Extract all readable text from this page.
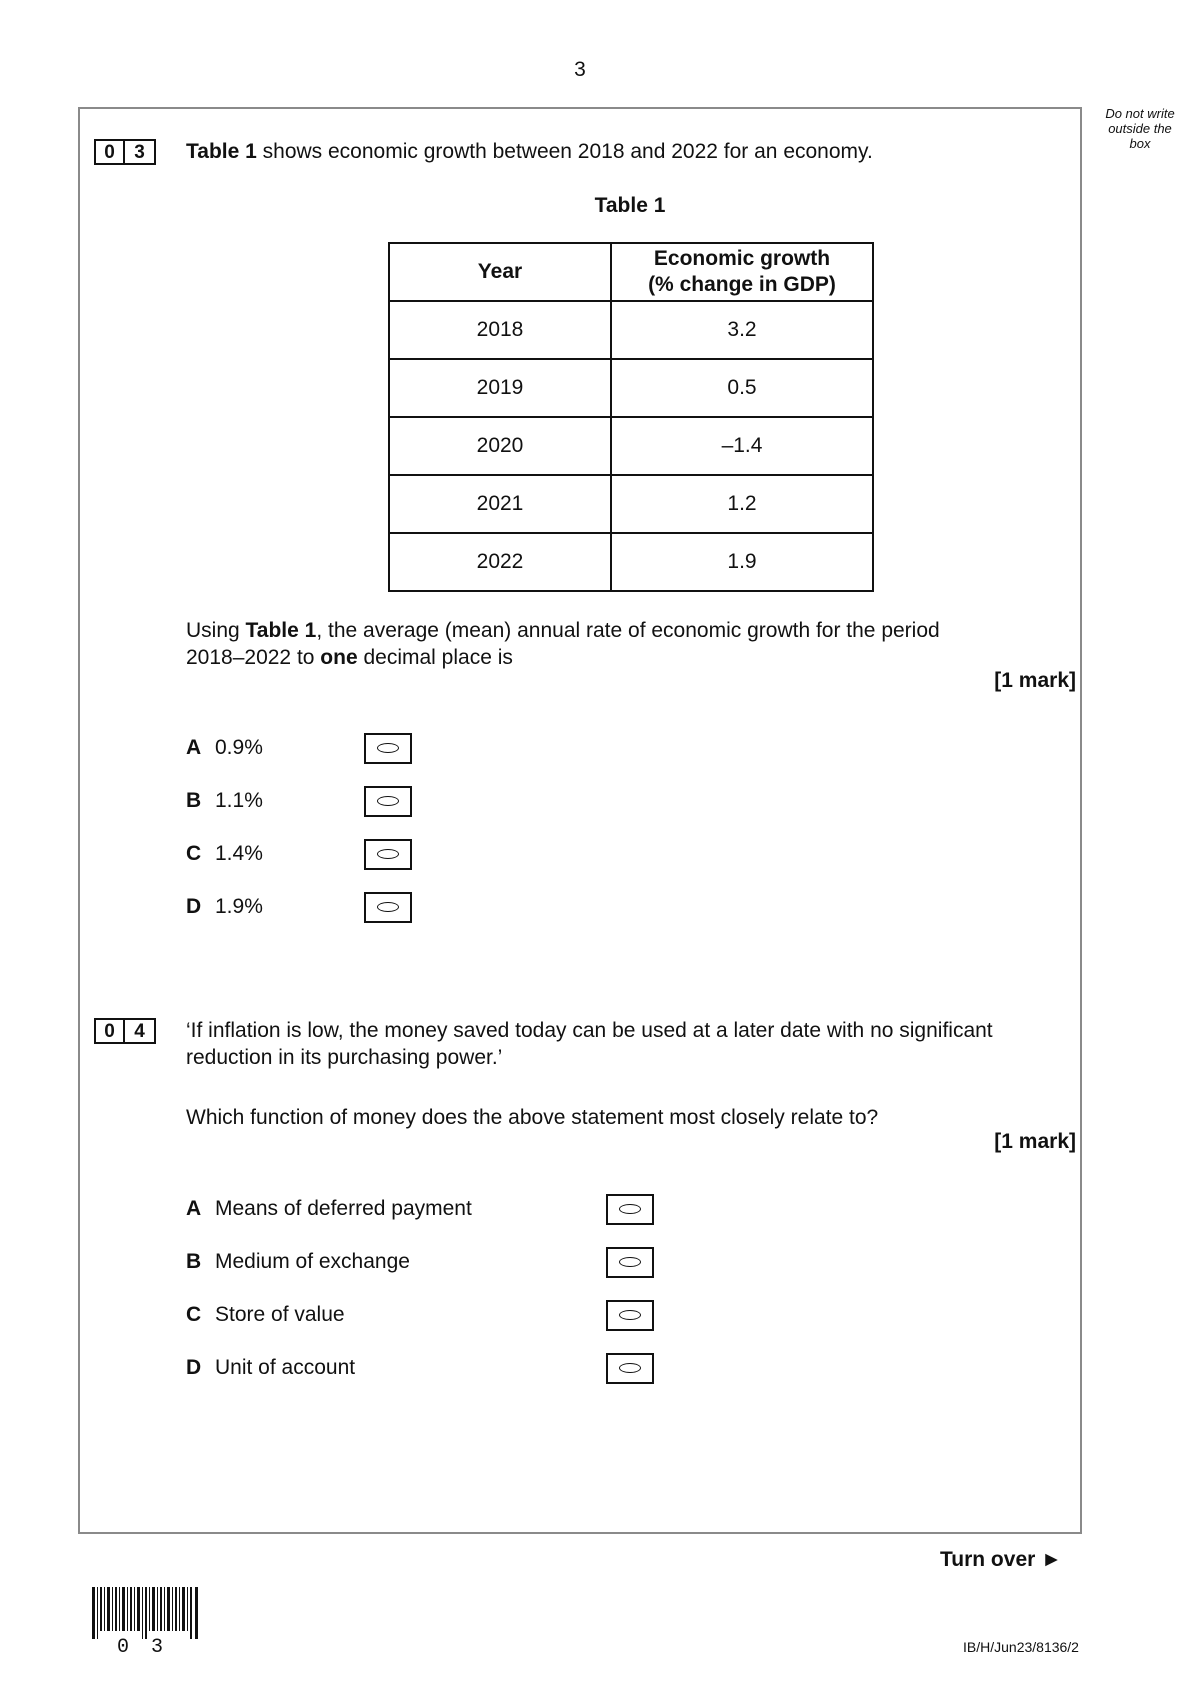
3
Do not write
outside the
box
0	3	Table 1 shows economic growth between 2018 and 2022 for an economy.
Table 1
Year	Economic growth
(% change in GDP)

2018	3.2
2019	0.5
2020	–1.4
2021	1.2
2022	1.9
Using Table 1, the average (mean) annual rate of economic growth for the period
2018–2022 to one decimal place is
[1 mark]
A 0.9%
B 1.1%
C 1.4%
D 1.9%
0	4	‘If inflation is low, the money saved today can be used at a later date with no significant
reduction in its purchasing power.’
Which function of money does the above statement most closely relate to?
[1 mark]
A Means of deferred payment
B Medium of exchange
C Store of value
D Unit of account
Turn over ►
0 3	IB/H/Jun23/8136/2
